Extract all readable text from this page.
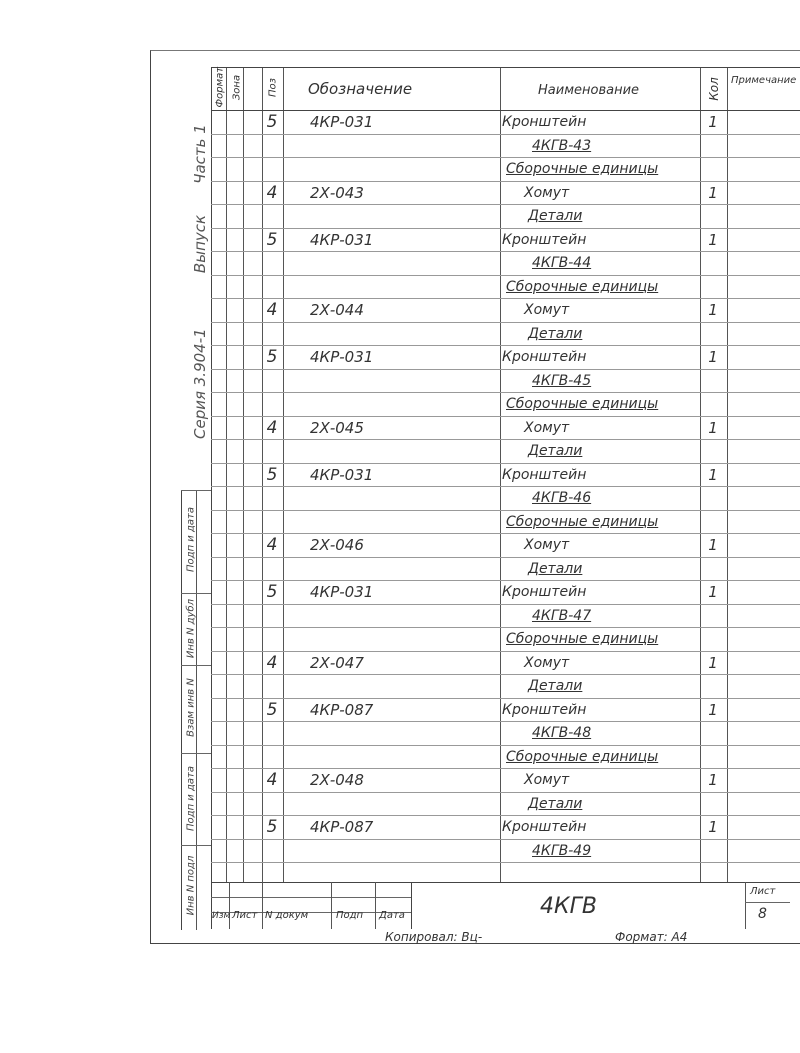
Часть 1
Выпуск
Серия 3.904-1
Подп и дата
Инв N дубл
Взам инв N
Подп и дата
Инв N подл
Формат Зона	Поз Обозначение	Наименование	Кол Примечание
5	4КР-031	Кронштейн	1
4КГВ-43
Сборочные единицы
4	2Х-043	Хомут	1
Детали
5	4КР-031	Кронштейн	1
4КГВ-44
Сборочные единицы
4	2Х-044	Хомут	1
Детали
5	4КР-031	Кронштейн	1
4КГВ-45
Сборочные единицы
4	2Х-045	Хомут	1
Детали
5	4КР-031	Кронштейн	1
4КГВ-46
Сборочные единицы
4	2Х-046	Хомут	1
Детали
5	4КР-031	Кронштейн	1
4КГВ-47
Сборочные единицы
4	2Х-047	Хомут	1
Детали
5	4КР-087	Кронштейн	1
4КГВ-48
Сборочные единицы
4	2Х-048	Хомут	1
Детали
5	4КР-087	Кронштейн	1
4КГВ-49
Изм Лист N докум	Подп Дата	4КГВ
Лист
8
Копировал: Вц-	Формат: А4
